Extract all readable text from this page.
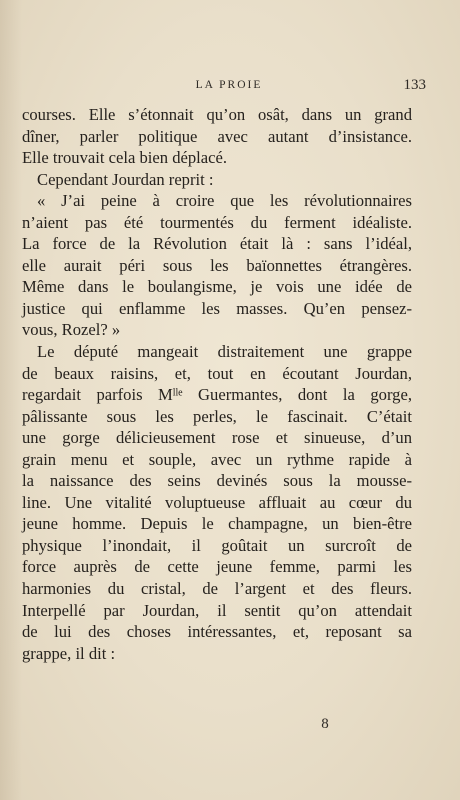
LA PROIE	133
courses. Elle s’étonnait qu’on osât, dans un grand
dîner, parler politique avec autant d’insistance.
Elle trouvait cela bien déplacé.
Cependant Jourdan reprit :
« J’ai peine à croire que les révolutionnaires
n’aient pas été tourmentés du ferment idéaliste.
La force de la Révolution était là : sans l’idéal,
elle aurait péri sous les baïonnettes étrangères.
Même dans le boulangisme, je vois une idée de
justice qui enflamme les masses. Qu’en pensez-
vous, Rozel? »
Le député mangeait distraitement une grappe
de beaux raisins, et, tout en écoutant Jourdan,
regardait parfois Mˡˡᵉ Guermantes, dont la gorge,
pâlissante sous les perles, le fascinait. C’était
une gorge délicieusement rose et sinueuse, d’un
grain menu et souple, avec un rythme rapide à
la naissance des seins devinés sous la mousse-
line. Une vitalité voluptueuse affluait au cœur du
jeune homme. Depuis le champagne, un bien-être
physique l’inondait, il goûtait un surcroît de
force auprès de cette jeune femme, parmi les
harmonies du cristal, de l’argent et des fleurs.
Interpellé par Jourdan, il sentit qu’on attendait
de lui des choses intéressantes, et, reposant sa
grappe, il dit :
8
